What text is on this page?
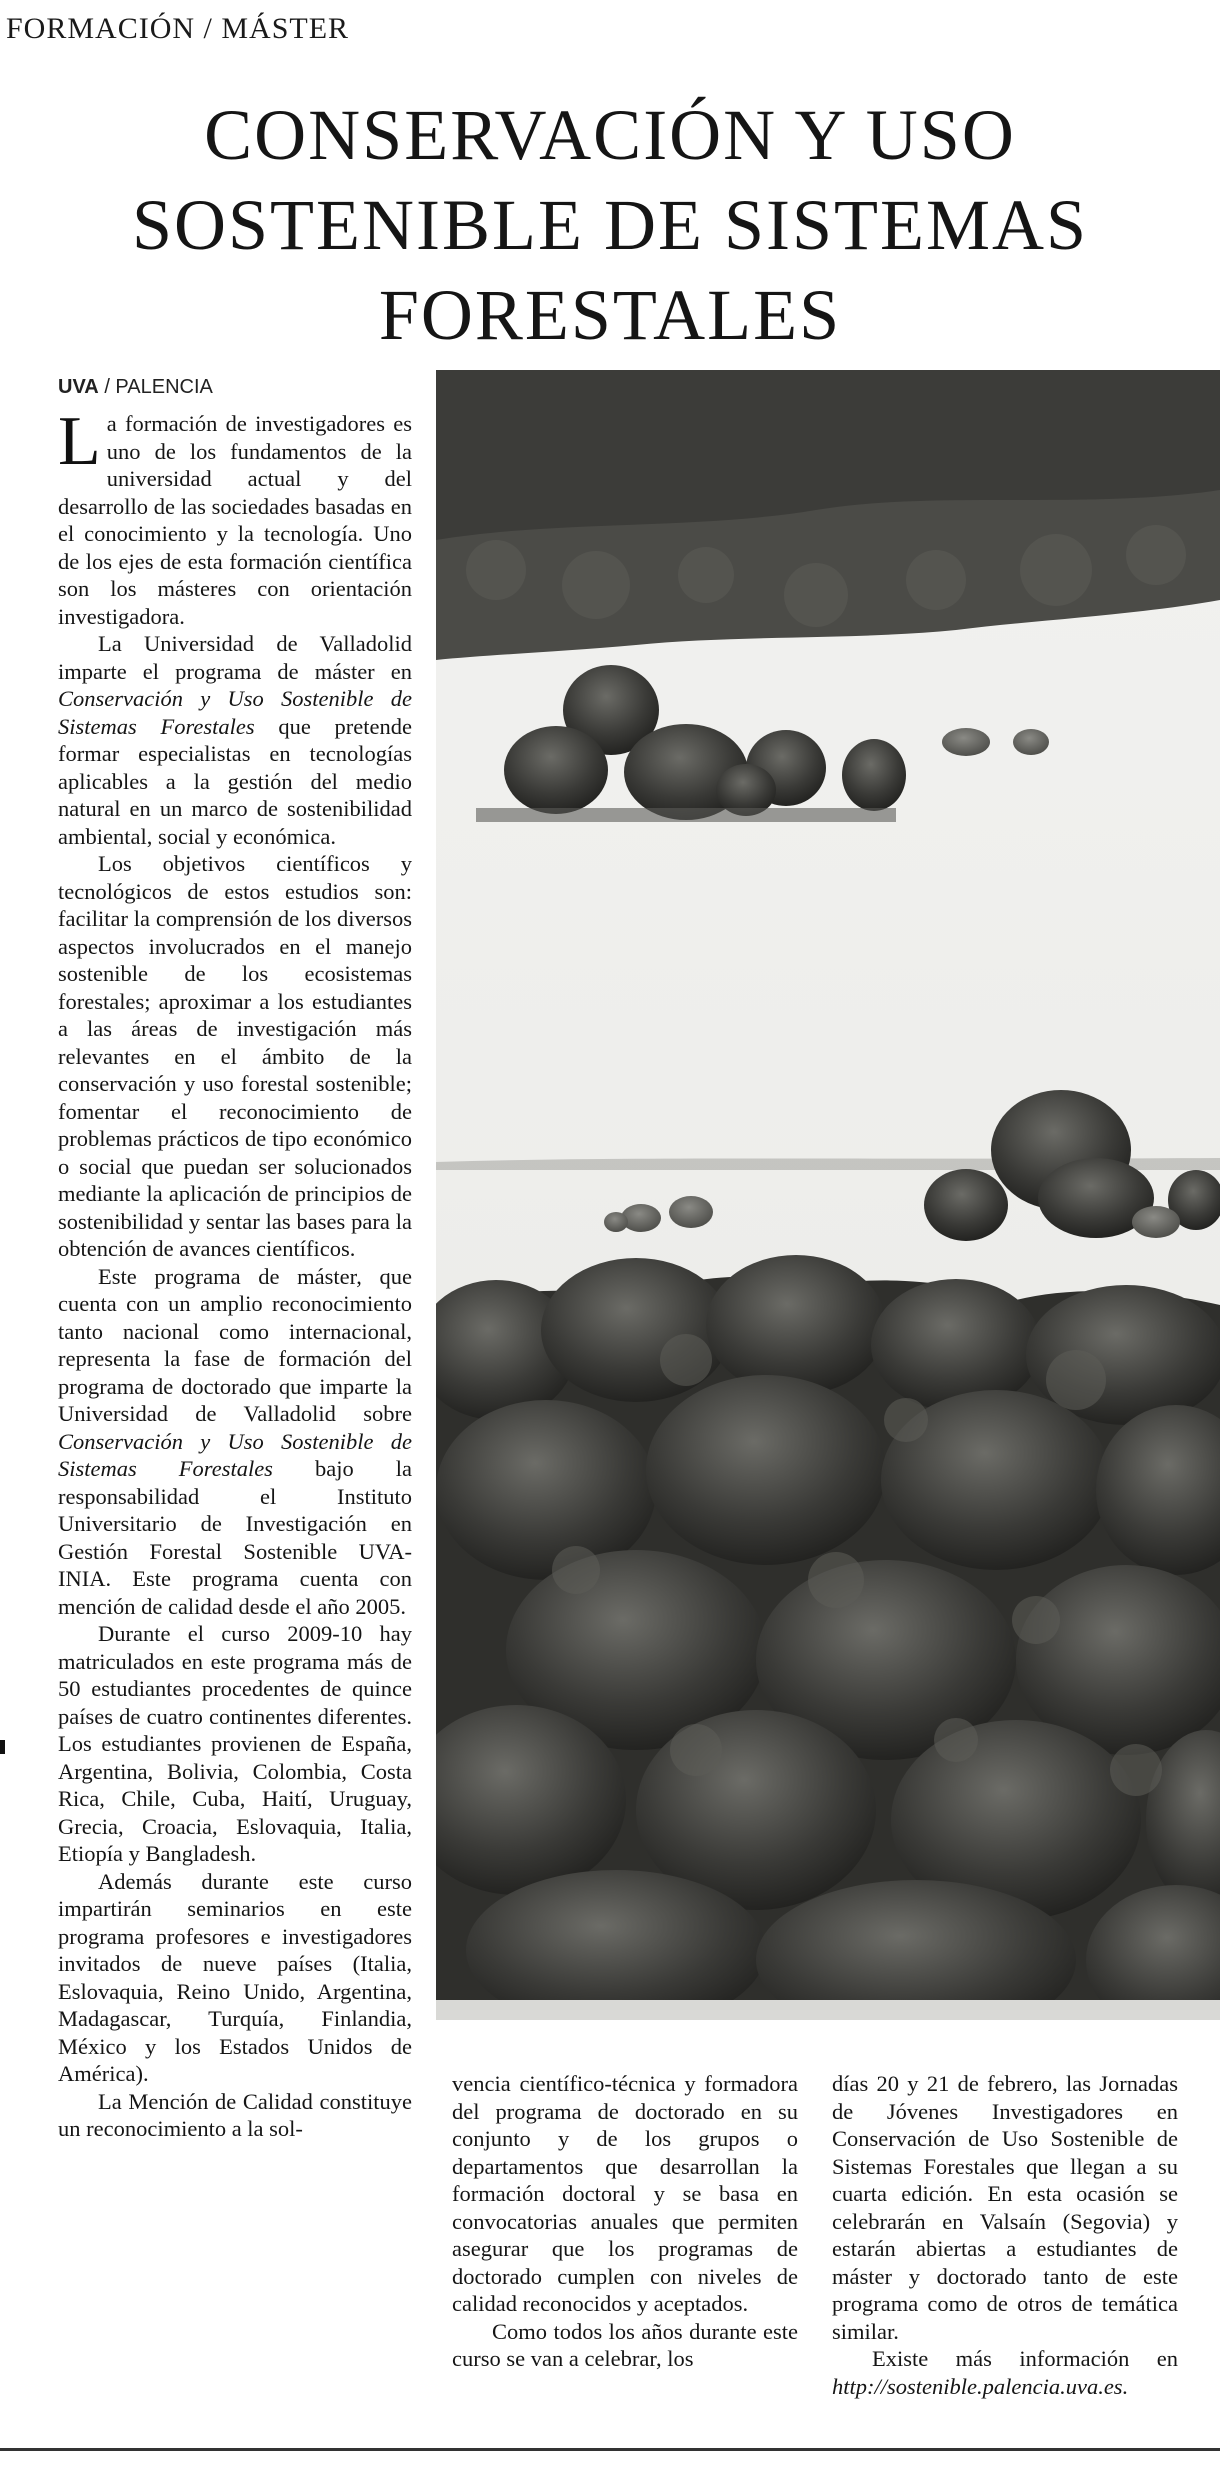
FORMACIÓN / MÁSTER
CONSERVACIÓN Y USO
SOSTENIBLE DE SISTEMAS
FORESTALES
UVA / PALENCIA

La formación de investigadores es uno de los fundamentos de la universidad actual y del desarrollo de las sociedades basadas en el conocimiento y la tecnología. Uno de los ejes de esta formación científica son los másteres con orientación investigadora.

La Universidad de Valladolid imparte el programa de máster en Conservación y Uso Sostenible de Sistemas Forestales que pretende formar especialistas en tecnologías aplicables a la gestión del medio natural en un marco de sostenibilidad ambiental, social y económica.

Los objetivos científicos y tecnológicos de estos estudios son: facilitar la comprensión de los diversos aspectos involucrados en el manejo sostenible de los ecosistemas forestales; aproximar a los estudiantes a las áreas de investigación más relevantes en el ámbito de la conservación y uso forestal sostenible; fomentar el reconocimiento de problemas prácticos de tipo económico o social que puedan ser solucionados mediante la aplicación de principios de sostenibilidad y sentar las bases para la obtención de avances científicos.

Este programa de máster, que cuenta con un amplio reconocimiento tanto nacional como internacional, representa la fase de formación del programa de doctorado que imparte la Universidad de Valladolid sobre Conservación y Uso Sostenible de Sistemas Forestales bajo la responsabilidad el Instituto Universitario de Investigación en Gestión Forestal Sostenible UVA-INIA. Este programa cuenta con mención de calidad desde el año 2005.

Durante el curso 2009-10 hay matriculados en este programa más de 50 estudiantes procedentes de quince países de cuatro continentes diferentes. Los estudiantes provienen de España, Argentina, Bolivia, Colombia, Costa Rica, Chile, Cuba, Haití, Uruguay, Grecia, Croacia, Eslovaquia, Italia, Etiopía y Bangladesh.

Además durante este curso impartirán seminarios en este programa profesores e investigadores invitados de nueve países (Italia, Eslovaquia, Reino Unido, Argentina, Madagascar, Turquía, Finlandia, México y los Estados Unidos de América).

La Mención de Calidad constituye un reconocimiento a la sol-

vencia científico-técnica y formadora del programa de doctorado en su conjunto y de los grupos o departamentos que desarrollan la formación doctoral y se basa en convocatorias anuales que permiten asegurar que los programas de doctorado cumplen con niveles de calidad reconocidos y aceptados.

Como todos los años durante este curso se van a celebrar, los

días 20 y 21 de febrero, las Jornadas de Jóvenes Investigadores en Conservación de Uso Sostenible de Sistemas Forestales que llegan a su cuarta edición. En esta ocasión se celebrarán en Valsaín (Segovia) y estarán abiertas a estudiantes de máster y doctorado tanto de este programa como de otros de temática similar.

Existe más información en http://sostenible.palencia.uva.es.
